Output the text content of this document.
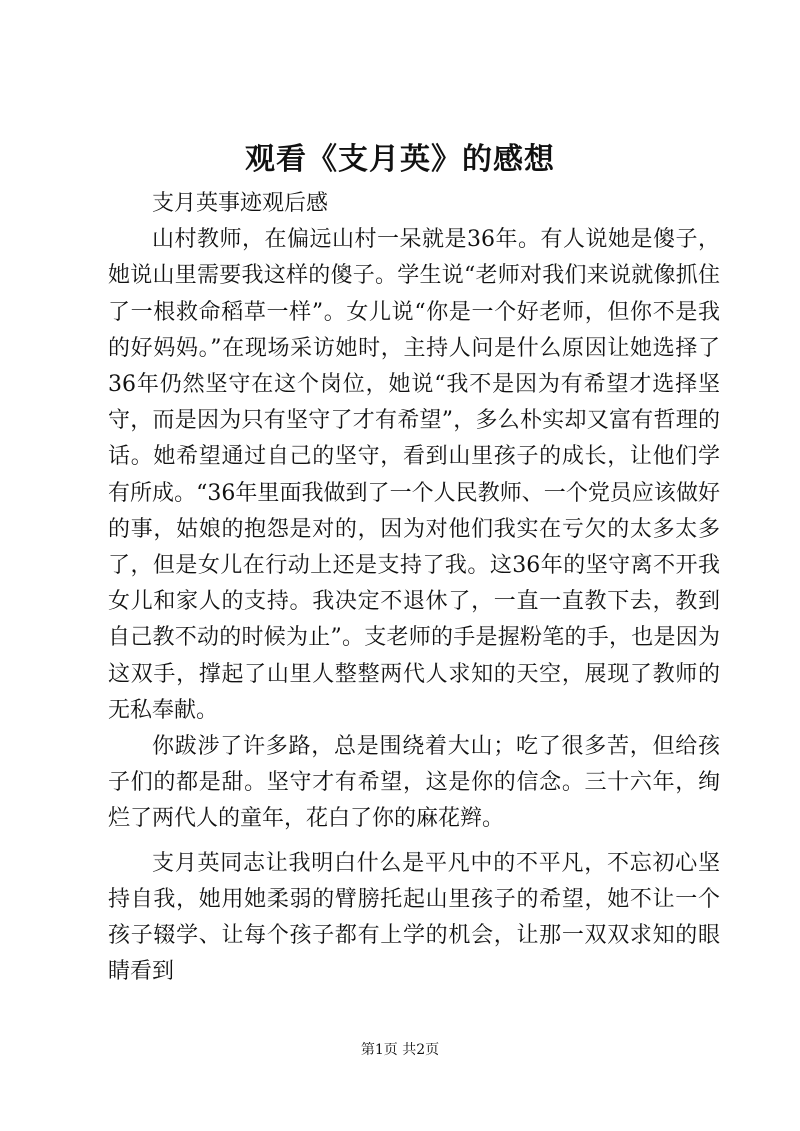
观看《支月英》的感想

支月英事迹观后感

山村教师，在偏远山村一呆就是36年。有人说她是傻子，她说山里需要我这样的傻子。学生说“老师对我们来说就像抓住了一根救命稻草一样”。女儿说“你是一个好老师，但你不是我的好妈妈。”在现场采访她时，主持人问是什么原因让她选择了36年仍然坚守在这个岗位，她说“我不是因为有希望才选择坚守，而是因为只有坚守了才有希望”，多么朴实却又富有哲理的话。她希望通过自己的坚守，看到山里孩子的成长，让他们学有所成。“36年里面我做到了一个人民教师、一个党员应该做好的事，姑娘的抱怨是对的，因为对他们我实在亏欠的太多太多了，但是女儿在行动上还是支持了我。这36年的坚守离不开我女儿和家人的支持。我决定不退休了，一直一直教下去，教到自己教不动的时候为止”。支老师的手是握粉笔的手，也是因为这双手，撑起了山里人整整两代人求知的天空，展现了教师的无私奉献。

你跋涉了许多路，总是围绕着大山；吃了很多苦，但给孩子们的都是甜。坚守才有希望，这是你的信念。三十六年，绚烂了两代人的童年，花白了你的麻花辫。

支月英同志让我明白什么是平凡中的不平凡，不忘初心坚持自我，她用她柔弱的臂膀托起山里孩子的希望，她不让一个孩子辍学、让每个孩子都有上学的机会，让那一双双求知的眼睛看到

第1页 共2页
